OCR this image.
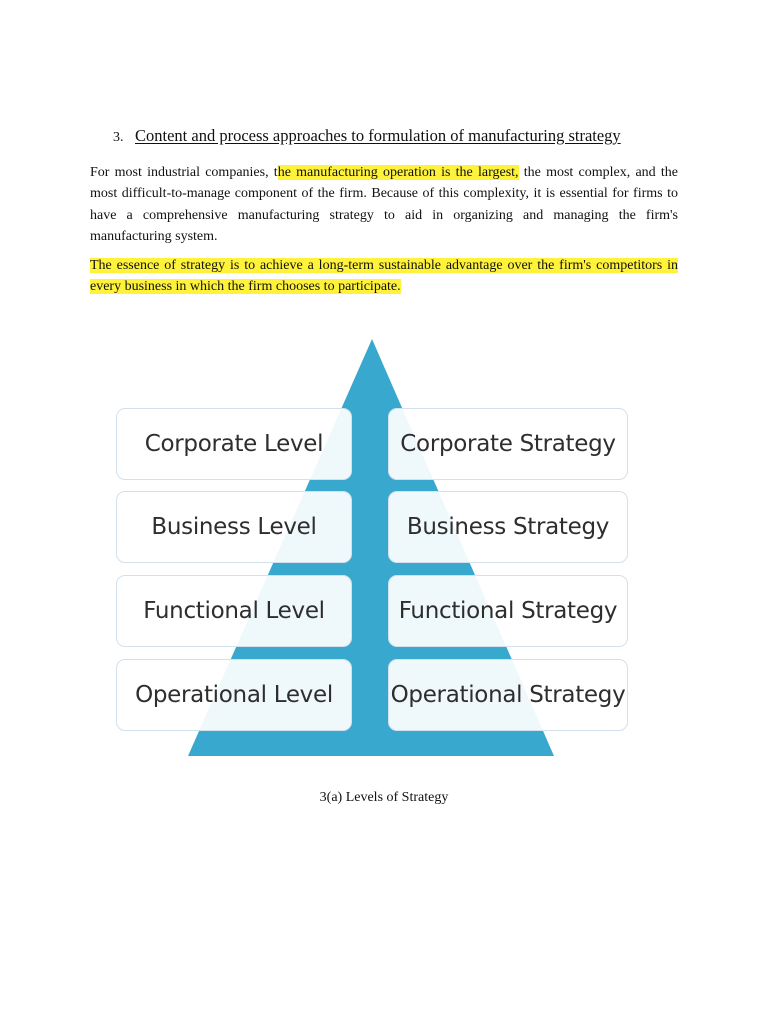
3. Content and process approaches to formulation of manufacturing strategy

For most industrial companies, the manufacturing operation is the largest, the most complex, and the most difficult-to-manage component of the firm. Because of this complexity, it is essential for firms to have a comprehensive manufacturing strategy to aid in organizing and managing the firm's manufacturing system.

The essence of strategy is to achieve a long-term sustainable advantage over the firm's competitors in every business in which the firm chooses to participate.

Corporate Level	Corporate Strategy
Business Level	Business Strategy
Functional Level	Functional Strategy
Operational Level	Operational Strategy
3(a) Levels of Strategy
